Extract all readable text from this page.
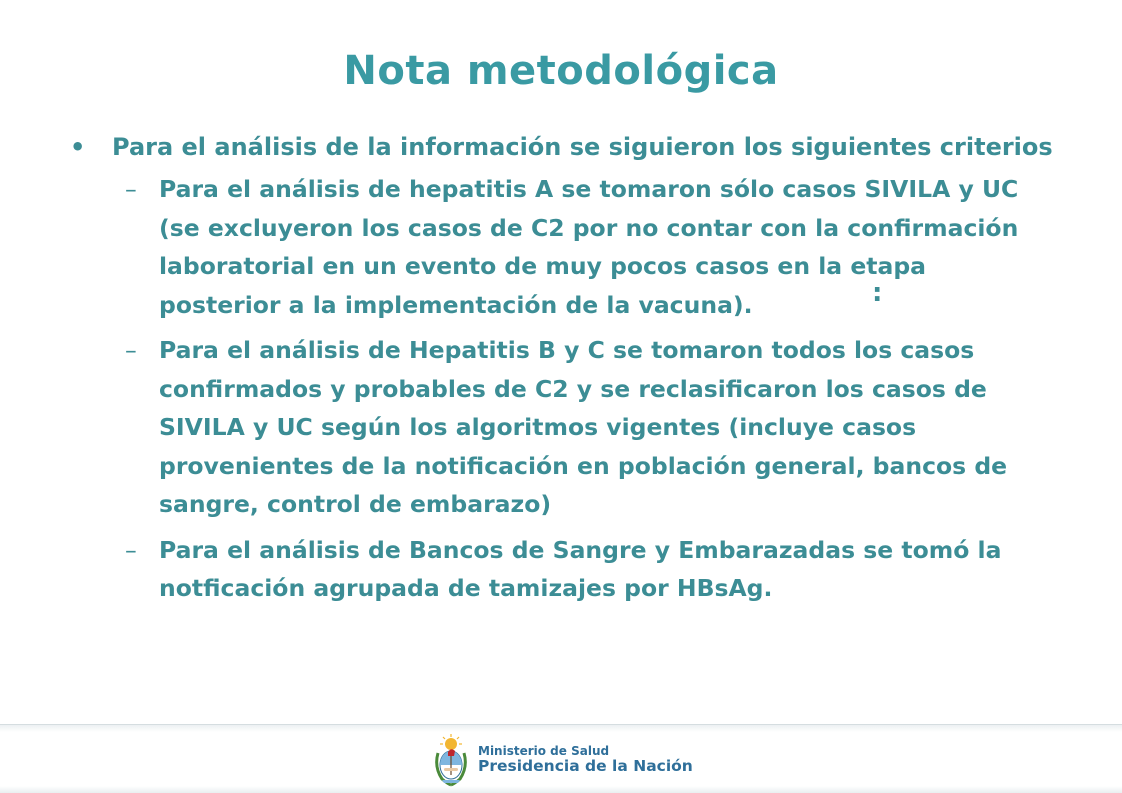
Nota metodológica
• Para el análisis de la información se siguieron los siguientes criterios
– Para el análisis de hepatitis A se tomaron sólo casos SIVILA y UC
(se excluyeron los casos de C2 por no contar con la confirmación
laboratorial en un evento de muy pocos casos en la etapa
posterior a la implementación de la vacuna).
– Para el análisis de Hepatitis B y C se tomaron todos los casos
confirmados y probables de C2 y se reclasificaron los casos de
SIVILA y UC según los algoritmos vigentes (incluye casos
provenientes de la notificación en población general, bancos de
sangre, control de embarazo)
– Para el análisis de Bancos de Sangre y Embarazadas se tomó la
notficación agrupada de tamizajes por HBsAg.
:
Ministerio de Salud
Presidencia de la Nación
